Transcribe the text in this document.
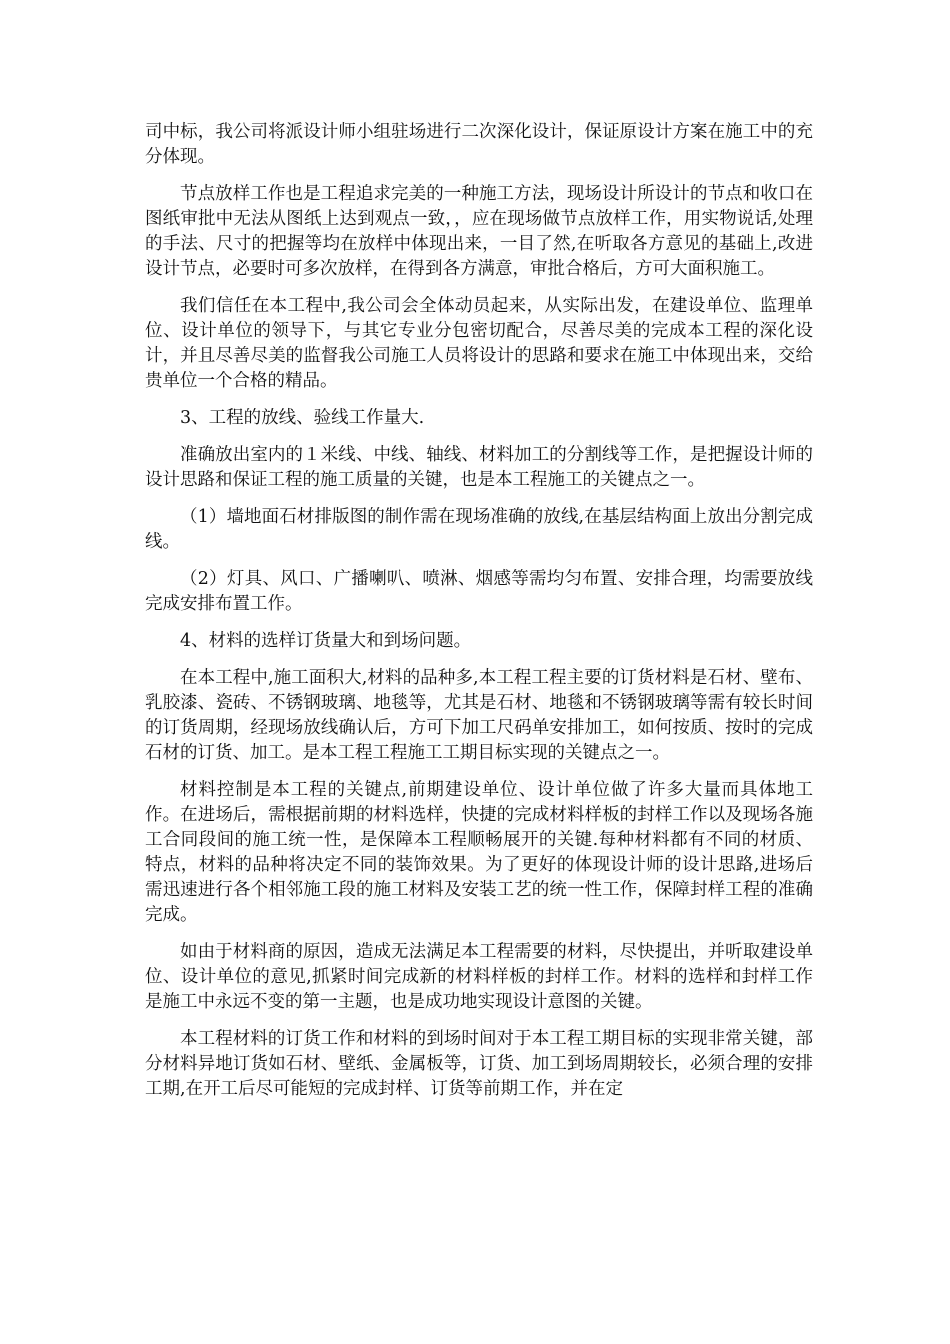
司中标，我公司将派设计师小组驻场进行二次深化设计，保证原设计方案在施工中的充分体现。

节点放样工作也是工程追求完美的一种施工方法，现场设计所设计的节点和收口在图纸审批中无法从图纸上达到观点一致，，应在现场做节点放样工作，用实物说话,处理的手法、尺寸的把握等均在放样中体现出来，一目了然,在听取各方意见的基础上,改进设计节点，必要时可多次放样，在得到各方满意，审批合格后，方可大面积施工。

我们信任在本工程中,我公司会全体动员起来，从实际出发，在建设单位、监理单位、设计单位的领导下，与其它专业分包密切配合，尽善尽美的完成本工程的深化设计，并且尽善尽美的监督我公司施工人员将设计的思路和要求在施工中体现出来，交给贵单位一个合格的精品。

3、工程的放线、验线工作量大.

准确放出室内的１米线、中线、轴线、材料加工的分割线等工作，是把握设计师的设计思路和保证工程的施工质量的关键，也是本工程施工的关键点之一。

（1）墙地面石材排版图的制作需在现场准确的放线,在基层结构面上放出分割完成线。

（2）灯具、风口、广播喇叭、喷淋、烟感等需均匀布置、安排合理，均需要放线完成安排布置工作。

4、材料的选样订货量大和到场问题。

在本工程中,施工面积大,材料的品种多,本工程工程主要的订货材料是石材、壁布、乳胶漆、瓷砖、不锈钢玻璃、地毯等，尤其是石材、地毯和不锈钢玻璃等需有较长时间的订货周期，经现场放线确认后，方可下加工尺码单安排加工，如何按质、按时的完成石材的订货、加工。是本工程工程施工工期目标实现的关键点之一。

材料控制是本工程的关键点,前期建设单位、设计单位做了许多大量而具体地工作。在进场后，需根据前期的材料选样，快捷的完成材料样板的封样工作以及现场各施工合同段间的施工统一性，是保障本工程顺畅展开的关键.每种材料都有不同的材质、特点，材料的品种将决定不同的装饰效果。为了更好的体现设计师的设计思路,进场后需迅速进行各个相邻施工段的施工材料及安装工艺的统一性工作，保障封样工程的准确完成。

如由于材料商的原因，造成无法满足本工程需要的材料，尽快提出，并听取建设单位、设计单位的意见,抓紧时间完成新的材料样板的封样工作。材料的选样和封样工作是施工中永远不变的第一主题，也是成功地实现设计意图的关键。

本工程材料的订货工作和材料的到场时间对于本工程工期目标的实现非常关键，部分材料异地订货如石材、壁纸、金属板等，订货、加工到场周期较长，必须合理的安排工期,在开工后尽可能短的完成封样、订货等前期工作，并在定
